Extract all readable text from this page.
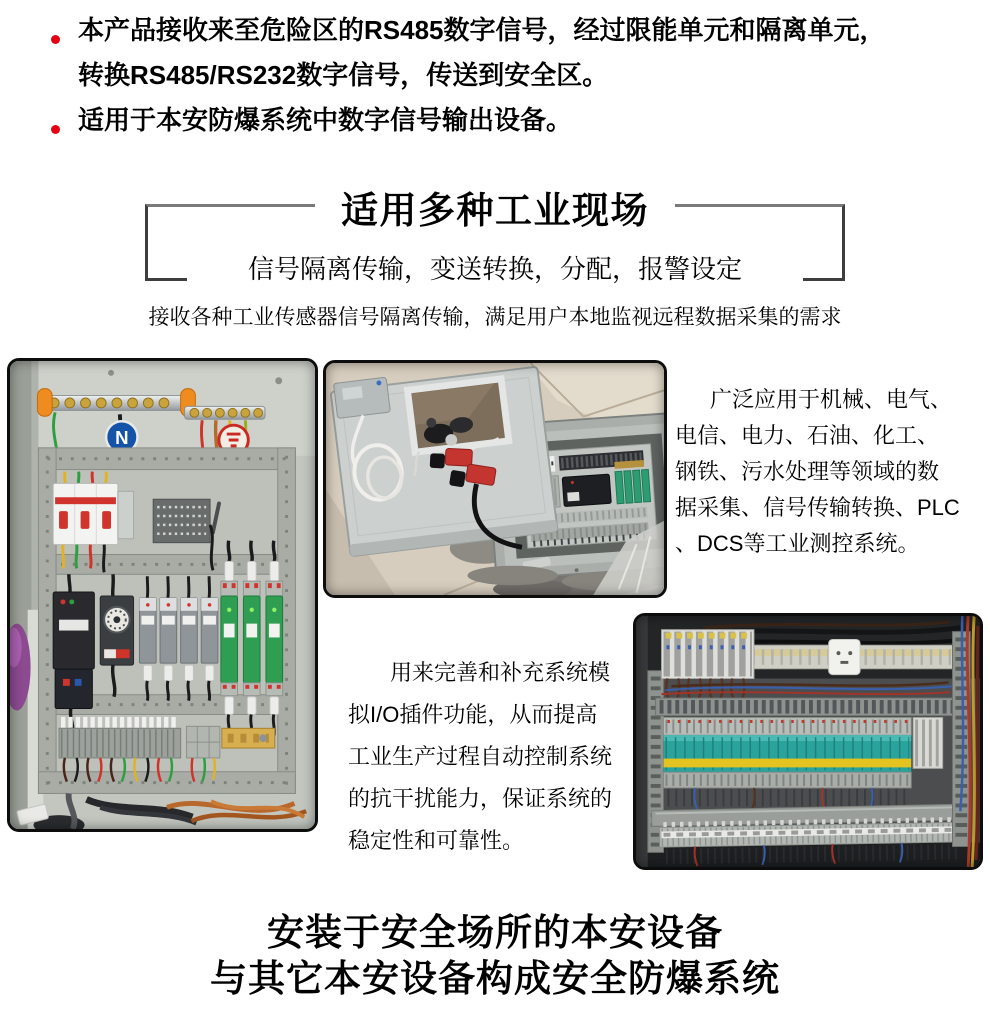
本产品接收来至危险区的RS485数字信号，经过限能单元和隔离单元，
转换RS485/RS232数字信号，传送到安全区。
适用于本安防爆系统中数字信号输出设备。
适用多种工业现场
信号隔离传输，变送转换，分配，报警设定
接收各种工业传感器信号隔离传输，满足用户本地监视远程数据采集的需求
N
广泛应用于机械、电气、
电信、电力、石油、化工、
钢铁、污水处理等领域的数
据采集、信号传输转换、PLC
、DCS等工业测控系统。
用来完善和补充系统模
拟I/O插件功能，从而提高
工业生产过程自动控制系统
的抗干扰能力，保证系统的
稳定性和可靠性。
安装于安全场所的本安设备
与其它本安设备构成安全防爆系统
